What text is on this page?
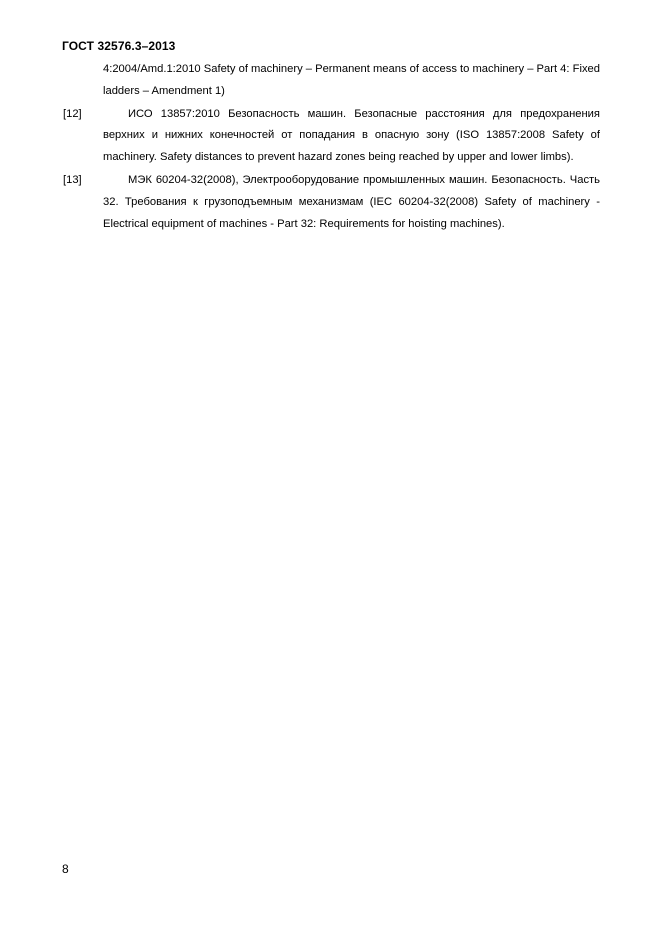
ГОСТ 32576.3–2013
4:2004/Amd.1:2010 Safety of machinery – Permanent means of access to machinery – Part 4: Fixed ladders – Amendment 1)
[12]	ИСО 13857:2010 Безопасность машин. Безопасные расстояния для предохранения верхних и нижних конечностей от попадания в опасную зону (ISO 13857:2008 Safety of machinery. Safety distances to prevent hazard zones being reached by upper and lower limbs).
[13]	МЭК 60204-32(2008), Электрооборудование промышленных машин. Безопасность. Часть 32. Требования к грузоподъемным механизмам (IEC 60204-32(2008) Safety of machinery - Electrical equipment of machines - Part 32: Requirements for hoisting machines).
8
